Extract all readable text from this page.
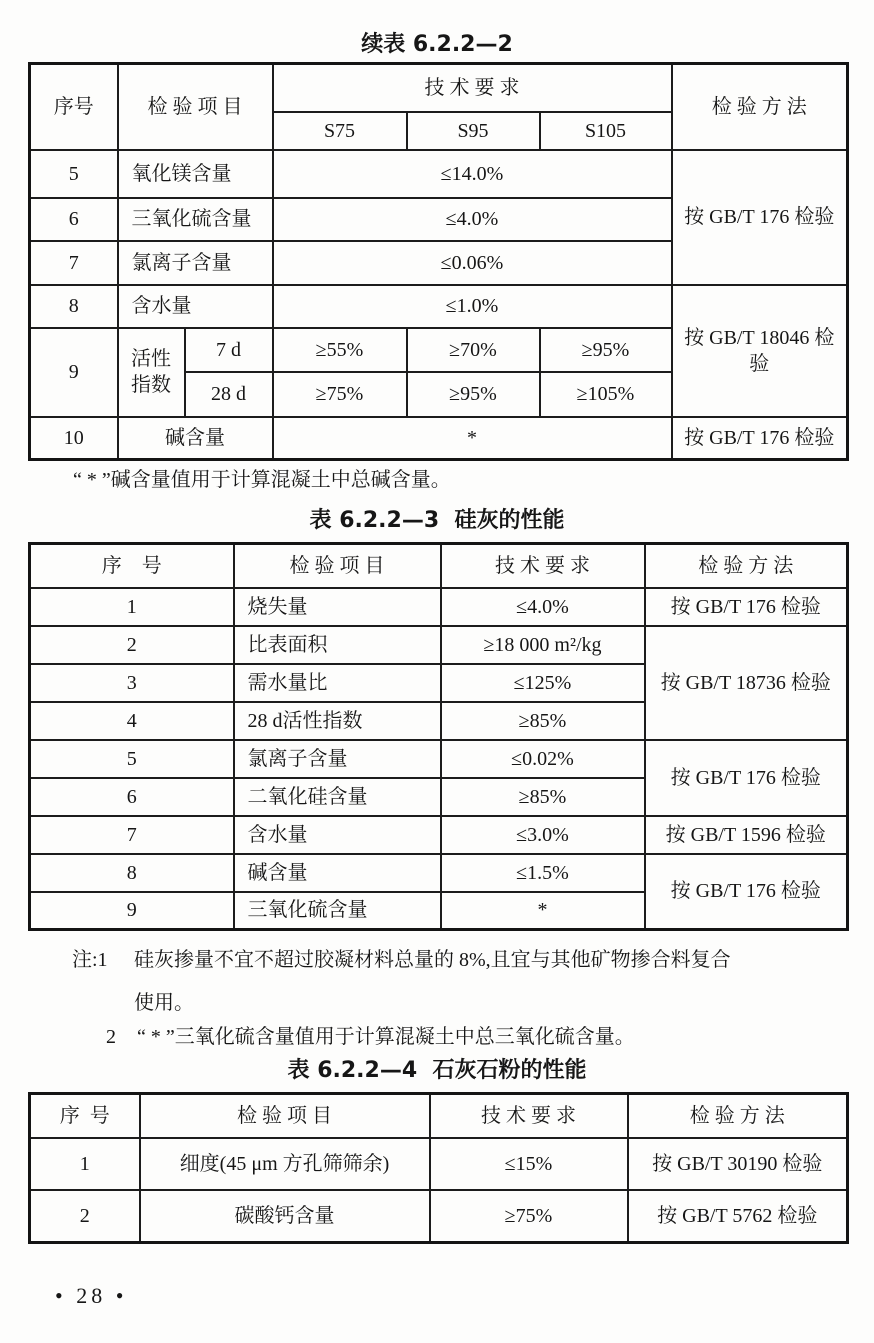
续表 6.2.2—2
序号	检 验 项 目		技 术 要 求			检 验 方 法
			S75	S95	S105	
5	氧化镁含量		≤14.0%			按 GB/T 176 检验
6	三氧化硫含量		≤4.0%			
7	氯离子含量		≤0.06%			
8	含水量		≤1.0%			按 GB/T 18046 检验
9	活性指数	7 d	≥55%	≥70%	≥95%	
		28 d	≥75%	≥95%	≥105%	
10	碱含量		*			按 GB/T 176 检验
“ * ”碱含量值用于计算混凝土中总碱含量。
表 6.2.2—3  硅灰的性能
序    号	检 验 项 目	技 术 要 求	检 验 方 法
1	烧失量	≤4.0%	按 GB/T 176 检验
2	比表面积	≥18 000 m²/kg	按 GB/T 18736 检验
3	需水量比	≤125%	
4	28 d活性指数	≥85%	
5	氯离子含量	≤0.02%	按 GB/T 176 检验
6	二氧化硅含量	≥85%	
7	含水量	≤3.0%	按 GB/T 1596 检验
8	碱含量	≤1.5%	按 GB/T 176 检验
9	三氧化硫含量	*	
注:1 硅灰掺量不宜不超过胶凝材料总量的 8%,且宜与其他矿物掺合料复合
使用。
2 “ * ”三氧化硫含量值用于计算混凝土中总三氧化硫含量。
表 6.2.2—4  石灰石粉的性能
序  号	检 验 项 目	技 术 要 求	检 验 方 法
1	细度(45 μm 方孔筛筛余)	≤15%	按 GB/T 30190 检验
2	碳酸钙含量	≥75%	按 GB/T 5762 检验
• 28 •
